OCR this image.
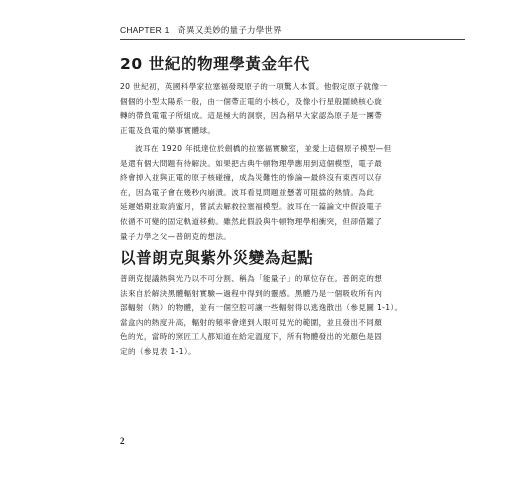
CHAPTER 1 奇異又美妙的量子力學世界
20 世紀的物理學黃金年代

20 世紀初，英國科學家拉塞福發現原子的一項驚人本質。他假定原子就像一
個個的小型太陽系一般，由一個帶正電的小核心，及像小行星般圍繞核心旋
轉的帶負電電子所組成。這是極大的洞察，因為稍早大家認為原子是一團帶
正電及負電的樂事實體球。

波耳在 1920 年抵達位於劍橋的拉塞福實驗室，並愛上這個原子模型—但
是還有個大問題有待解決。如果把古典牛頓物理學應用到這個模型，電子最
終會掉入並與正電的原子核碰撞，成為災難性的慘論—最終沒有東西可以存
在，因為電子會在幾秒內崩潰。波耳看見問題並懸著可阻擋的熱情。為此
延遲婚期並取消蜜月，嘗試去解救拉塞福模型。波耳在一篇論文中假設電子
依循不可變的固定軌道移動。雖然此假設與牛頓物理學相衝突，但卻借鑑了
量子力學之父—普朗克的想法。

以普朗克與紫外災變為起點

普朗克提議熱與光乃以不可分割、稱為「能量子」的單位存在。普朗克的想
法來自於解決黑體輻射實驗—過程中得到的靈感。黑體乃是一個吸收所有內
部輻射（熱）的物體，並有一個空腔可讓一些輻射得以逃逸散出（參見圖 1-1）。
當盒內的熱度升高，輻射的頻率會達到人眼可見光的範圍，並且發出不同顏
色的光，當時的窯匠工人都知道在給定溫度下，所有物體發出的光顏色是固
定的（參見表 1-1）。

2
